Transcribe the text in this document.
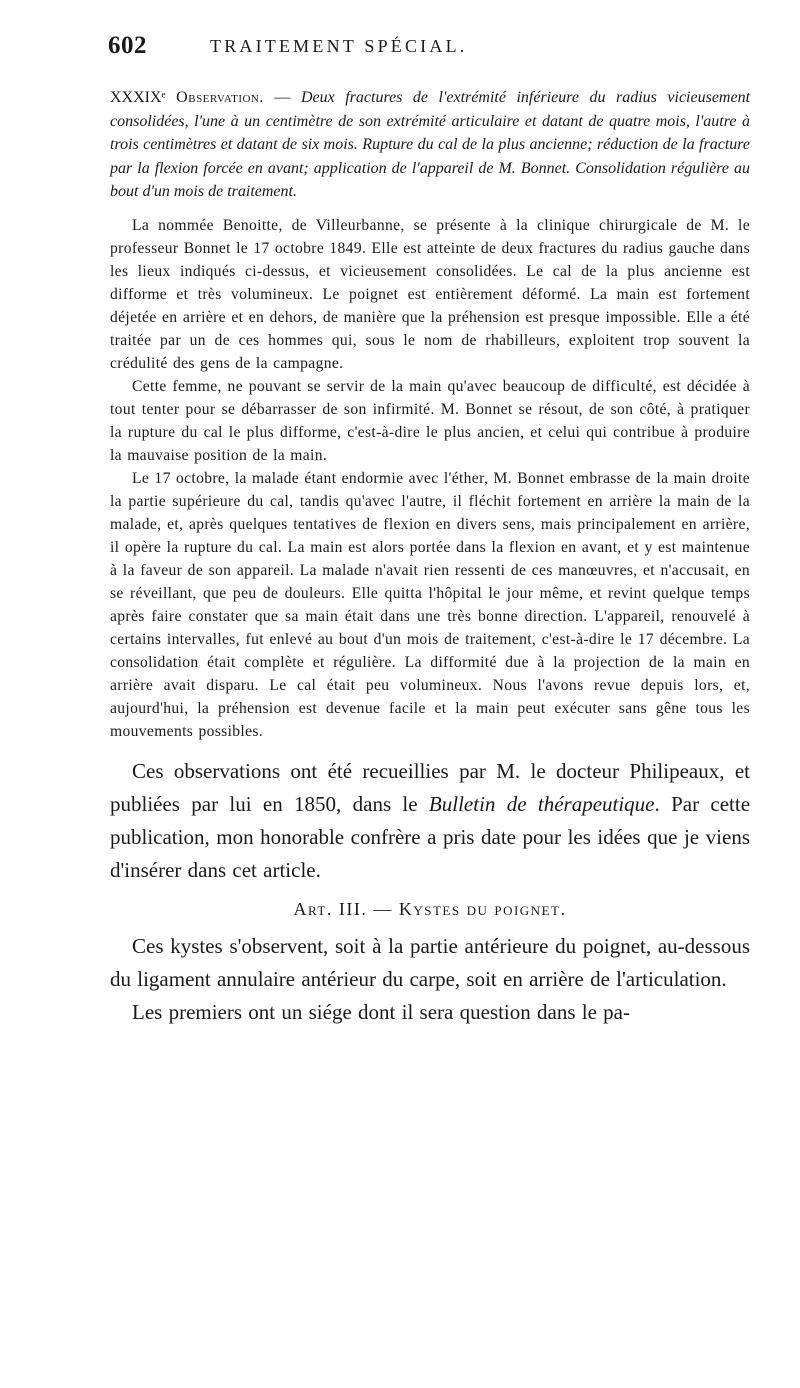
602	TRAITEMENT SPÉCIAL.

XXXIXᵉ Observation. — Deux fractures de l'extrémité inférieure du radius vicieusement consolidées, l'une à un centimètre de son extrémité articulaire et datant de quatre mois, l'autre à trois centimètres et datant de six mois. Rupture du cal de la plus ancienne; réduction de la fracture par la flexion forcée en avant; application de l'appareil de M. Bonnet. Consolidation régulière au bout d'un mois de traitement.

La nommée Benoitte, de Villeurbanne, se présente à la clinique chirurgicale de M. le professeur Bonnet le 17 octobre 1849. Elle est atteinte de deux fractures du radius gauche dans les lieux indiqués ci-dessus, et vicieusement consolidées. Le cal de la plus ancienne est difforme et très volumineux. Le poignet est entièrement déformé. La main est fortement déjetée en arrière et en dehors, de manière que la préhension est presque impossible. Elle a été traitée par un de ces hommes qui, sous le nom de rhabilleurs, exploitent trop souvent la crédulité des gens de la campagne.

Cette femme, ne pouvant se servir de la main qu'avec beaucoup de difficulté, est décidée à tout tenter pour se débarrasser de son infirmité. M. Bonnet se résout, de son côté, à pratiquer la rupture du cal le plus difforme, c'est-à-dire le plus ancien, et celui qui contribue à produire la mauvaise position de la main.

Le 17 octobre, la malade étant endormie avec l'éther, M. Bonnet embrasse de la main droite la partie supérieure du cal, tandis qu'avec l'autre, il fléchit fortement en arrière la main de la malade, et, après quelques tentatives de flexion en divers sens, mais principalement en arrière, il opère la rupture du cal. La main est alors portée dans la flexion en avant, et y est maintenue à la faveur de son appareil. La malade n'avait rien ressenti de ces manœuvres, et n'accusait, en se réveillant, que peu de douleurs. Elle quitta l'hôpital le jour même, et revint quelque temps après faire constater que sa main était dans une très bonne direction. L'appareil, renouvelé à certains intervalles, fut enlevé au bout d'un mois de traitement, c'est-à-dire le 17 décembre. La consolidation était complète et régulière. La difformité due à la projection de la main en arrière avait disparu. Le cal était peu volumineux. Nous l'avons revue depuis lors, et, aujourd'hui, la préhension est devenue facile et la main peut exécuter sans gêne tous les mouvements possibles.

Ces observations ont été recueillies par M. le docteur Philipeaux, et publiées par lui en 1850, dans le Bulletin de thérapeutique. Par cette publication, mon honorable confrère a pris date pour les idées que je viens d'insérer dans cet article.

Art. III. — Kystes du poignet.

Ces kystes s'observent, soit à la partie antérieure du poignet, au-dessous du ligament annulaire antérieur du carpe, soit en arrière de l'articulation.

Les premiers ont un siége dont il sera question dans le pa-
